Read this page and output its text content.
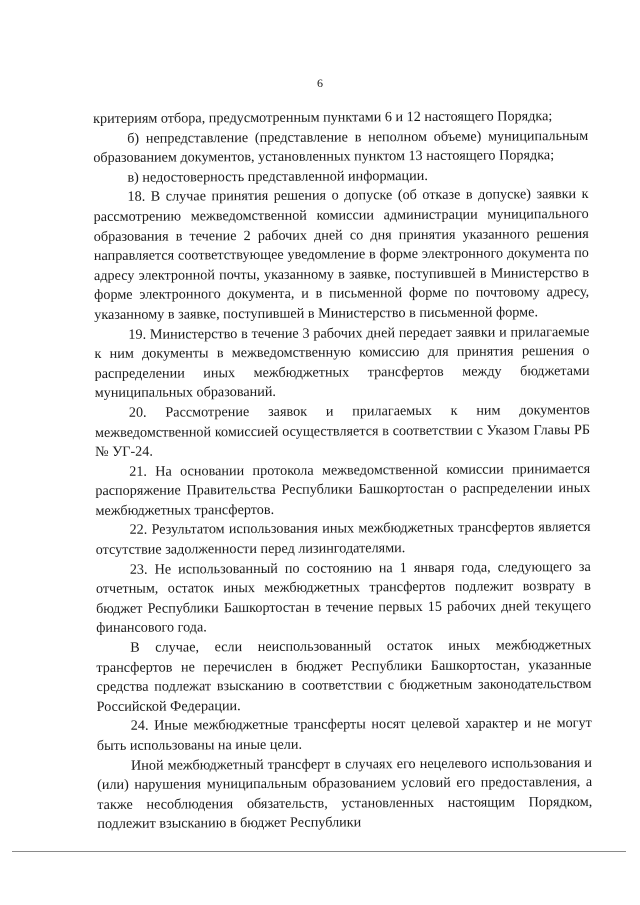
6

критериям отбора, предусмотренным пунктами 6 и 12 настоящего Порядка;

б) непредставление (представление в неполном объеме) муниципальным образованием документов, установленных пунктом 13 настоящего Порядка;

в) недостоверность представленной информации.

18. В случае принятия решения о допуске (об отказе в допуске) заявки к рассмотрению межведомственной комиссии администрации муниципального образования в течение 2 рабочих дней со дня принятия указанного решения направляется соответствующее уведомление в форме электронного документа по адресу электронной почты, указанному в заявке, поступившей в Министерство в форме электронного документа, и в письменной форме по почтовому адресу, указанному в заявке, поступившей в Министерство в письменной форме.

19. Министерство в течение 3 рабочих дней передает заявки и прилагаемые к ним документы в межведомственную комиссию для принятия решения о распределении иных межбюджетных трансфертов между бюджетами муниципальных образований.

20. Рассмотрение заявок и прилагаемых к ним документов межведомственной комиссией осуществляется в соответствии с Указом Главы РБ № УГ-24.

21. На основании протокола межведомственной комиссии принимается распоряжение Правительства Республики Башкортостан о распределении иных межбюджетных трансфертов.

22. Результатом использования иных межбюджетных трансфертов является отсутствие задолженности перед лизингодателями.

23. Не использованный по состоянию на 1 января года, следующего за отчетным, остаток иных межбюджетных трансфертов подлежит возврату в бюджет Республики Башкортостан в течение первых 15 рабочих дней текущего финансового года.

В случае, если неиспользованный остаток иных межбюджетных трансфертов не перечислен в бюджет Республики Башкортостан, указанные средства подлежат взысканию в соответствии с бюджетным законодательством Российской Федерации.

24. Иные межбюджетные трансферты носят целевой характер и не могут быть использованы на иные цели.

Иной межбюджетный трансферт в случаях его нецелевого использования и (или) нарушения муниципальным образованием условий его предоставления, а также несоблюдения обязательств, установленных настоящим Порядком, подлежит взысканию в бюджет Республики
